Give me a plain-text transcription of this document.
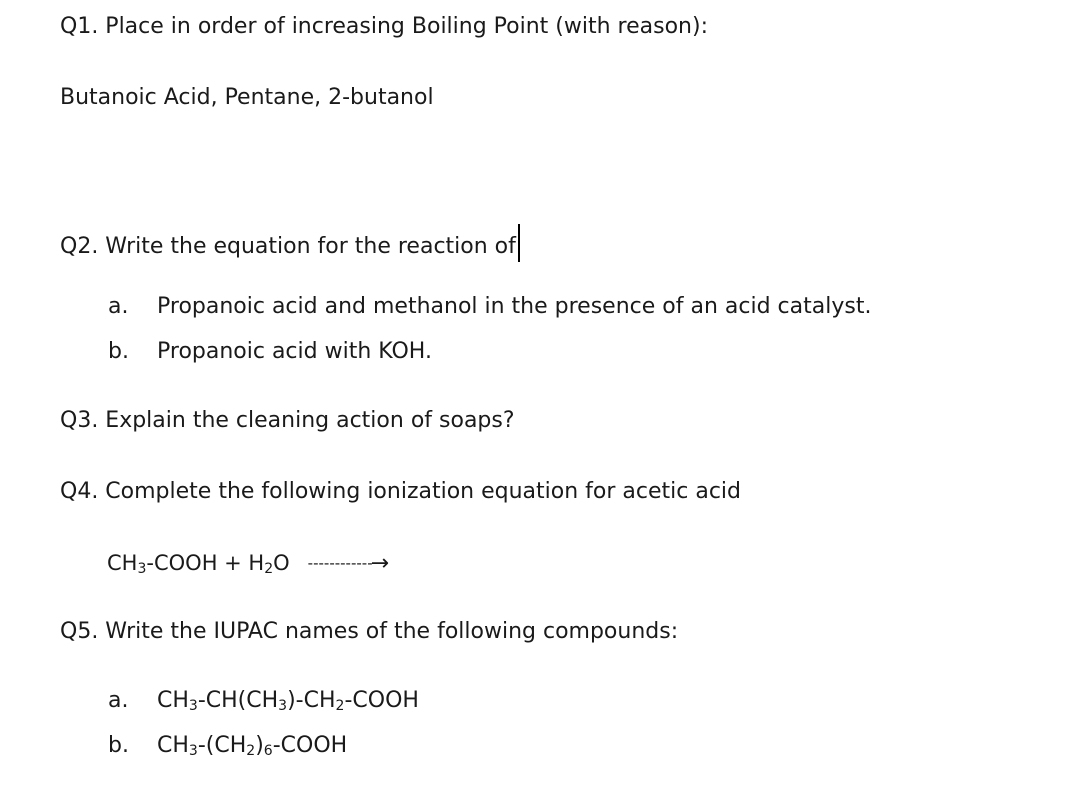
Q1. Place in order of increasing Boiling Point (with reason):
Butanoic Acid, Pentane, 2-butanol
Q2. Write the equation for the reaction of
a. Propanoic acid and methanol in the presence of an acid catalyst.
b. Propanoic acid with KOH.
Q3. Explain the cleaning action of soaps?
Q4. Complete the following ionization equation for acetic acid
$CH_3$-COOH + $H_2O$ ------------→
Q5. Write the IUPAC names of the following compounds:
a. $CH_3-CH(CH_3)-CH_2$-COOH
b. $CH_3-(CH_2)_6$-COOH
